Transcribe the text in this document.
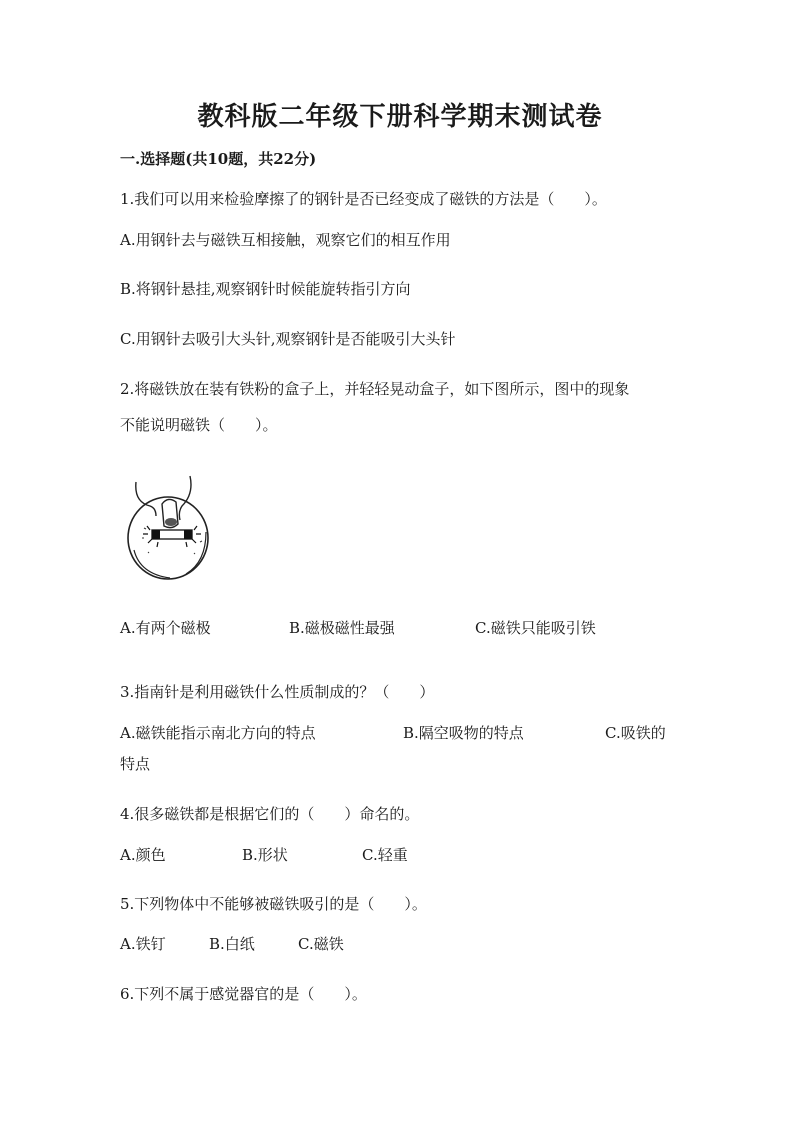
教科版二年级下册科学期末测试卷
一.选择题(共10题，共22分)
1.我们可以用来检验摩擦了的钢针是否已经变成了磁铁的方法是（　　）。
A.用钢针去与磁铁互相接触，观察它们的相互作用
B.将钢针悬挂,观察钢针时候能旋转指引方向
C.用钢针去吸引大头针,观察钢针是否能吸引大头针
2.将磁铁放在装有铁粉的盒子上，并轻轻晃动盒子，如下图所示，图中的现象
不能说明磁铁（　　）。
A.有两个磁极	B.磁极磁性最强	C.磁铁只能吸引铁
3.指南针是利用磁铁什么性质制成的？（　　）
A.磁铁能指示南北方向的特点	B.隔空吸物的特点	C.吸铁的
特点
4.很多磁铁都是根据它们的（　　）命名的。
A.颜色	B.形状	C.轻重
5.下列物体中不能够被磁铁吸引的是（　　）。
A.铁钉	B.白纸	C.磁铁
6.下列不属于感觉器官的是（　　）。
